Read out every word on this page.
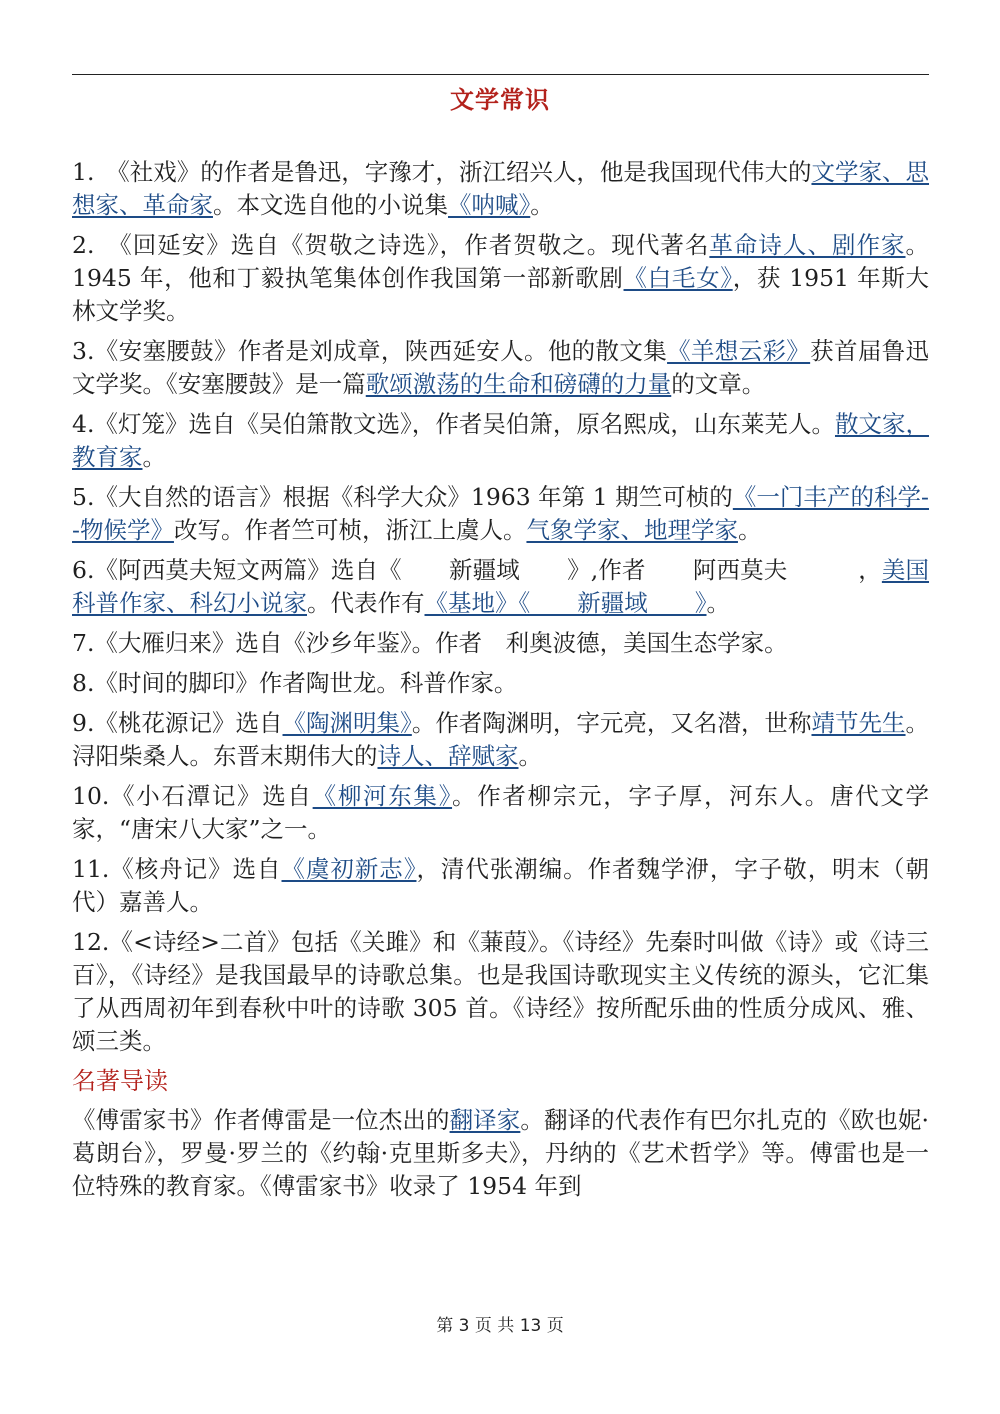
文学常识

1.　《社戏》的作者是鲁迅，字豫才，浙江绍兴人，他是我国现代伟大的文学家、思想家、革命家。本文选自他的小说集《呐喊》。

2.　《回延安》选自《贺敬之诗选》，作者贺敬之。现代著名革命诗人、剧作家。1945 年，他和丁毅执笔集体创作我国第一部新歌剧《白毛女》，获 1951 年斯大林文学奖。

3.《安塞腰鼓》作者是刘成章，陕西延安人。他的散文集《羊想云彩》获首届鲁迅文学奖。《安塞腰鼓》是一篇歌颂激荡的生命和磅礴的力量的文章。

4.《灯笼》选自《吴伯箫散文选》，作者吴伯箫，原名熙成，山东莱芜人。散文家，教育家。

5.《大自然的语言》根据《科学大众》1963 年第 1 期竺可桢的《一门丰产的科学--物候学》改写。作者竺可桢，浙江上虞人。气象学家、地理学家。

6.《阿西莫夫短文两篇》选自《　　新疆域　　》,作者　　阿西莫夫　　　，美国科普作家、科幻小说家。代表作有《基地》《　　新疆域　　》。

7.《大雁归来》选自《沙乡年鉴》。作者　利奥波德，美国生态学家。

8.《时间的脚印》作者陶世龙。科普作家。

9.《桃花源记》选自《陶渊明集》。作者陶渊明，字元亮，又名潜，世称靖节先生。浔阳柴桑人。东晋末期伟大的诗人、辞赋家。

10.《小石潭记》选自《柳河东集》。作者柳宗元，字子厚，河东人。唐代文学家，“唐宋八大家”之一。

11.《核舟记》选自《虞初新志》，清代张潮编。作者魏学洢，字子敬，明末（朝代）嘉善人。

12.《<诗经>二首》包括《关雎》和《蒹葭》。《诗经》先秦时叫做《诗》或《诗三百》，《诗经》是我国最早的诗歌总集。也是我国诗歌现实主义传统的源头，它汇集了从西周初年到春秋中叶的诗歌 305 首。《诗经》按所配乐曲的性质分成风、雅、颂三类。

名著导读

《傅雷家书》作者傅雷是一位杰出的翻译家。翻译的代表作有巴尔扎克的《欧也妮·葛朗台》，罗曼·罗兰的《约翰·克里斯多夫》，丹纳的《艺术哲学》等。傅雷也是一位特殊的教育家。《傅雷家书》收录了 1954 年到

第 3 页 共 13 页
